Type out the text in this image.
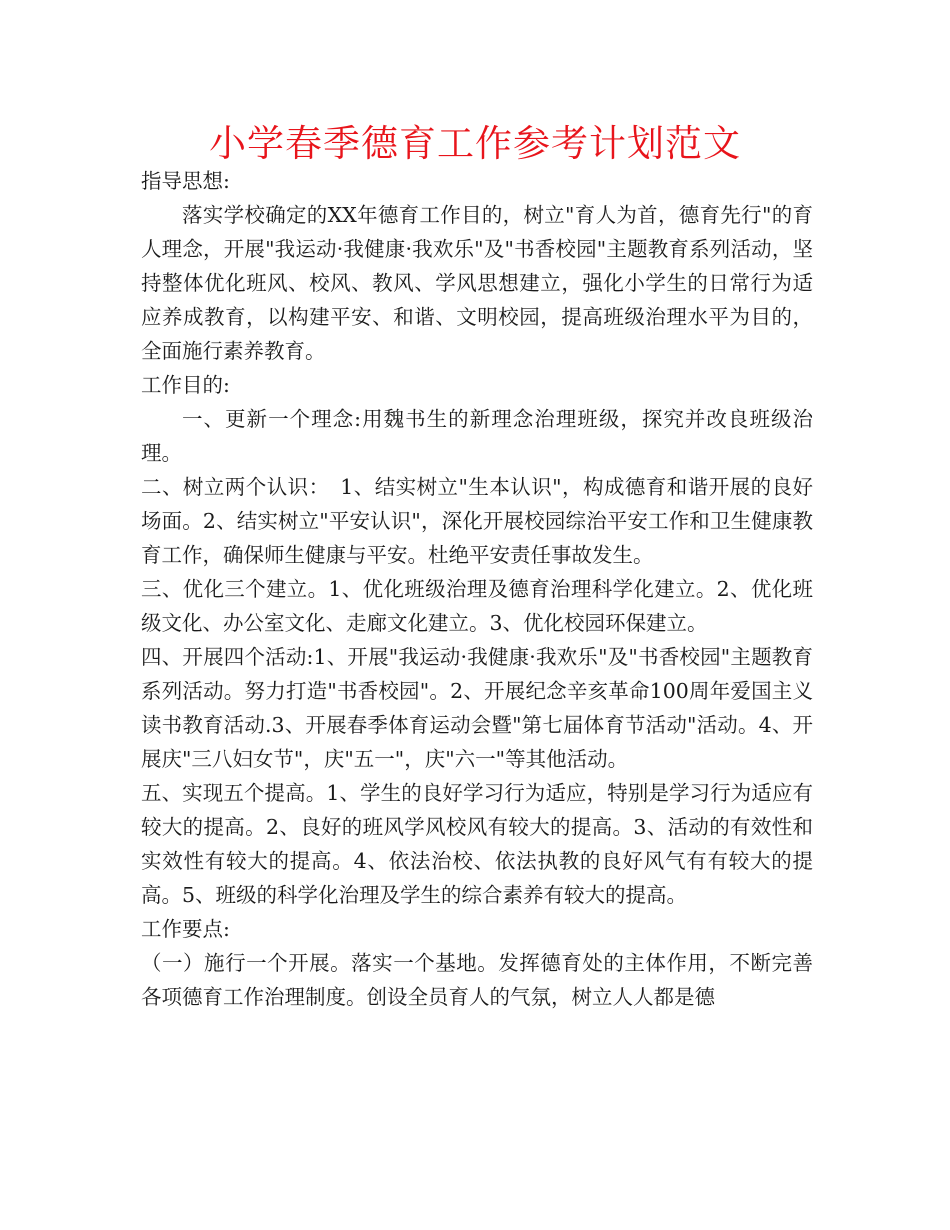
小学春季德育工作参考计划范文

指导思想:

落实学校确定的XX年德育工作目的，树立"育人为首，德育先行"的育人理念，开展"我运动·我健康·我欢乐"及"书香校园"主题教育系列活动，坚持整体优化班风、校风、教风、学风思想建立，强化小学生的日常行为适应养成教育，以构建平安、和谐、文明校园，提高班级治理水平为目的，全面施行素养教育。

工作目的:

一、更新一个理念:用魏书生的新理念治理班级，探究并改良班级治理。

二、树立两个认识：　1、结实树立"生本认识"，构成德育和谐开展的良好场面。2、结实树立"平安认识"，深化开展校园综治平安工作和卫生健康教育工作，确保师生健康与平安。杜绝平安责任事故发生。

三、优化三个建立。1、优化班级治理及德育治理科学化建立。2、优化班级文化、办公室文化、走廊文化建立。3、优化校园环保建立。

四、开展四个活动:1、开展"我运动·我健康·我欢乐"及"书香校园"主题教育系列活动。努力打造"书香校园"。2、开展纪念辛亥革命100周年爱国主义读书教育活动.3、开展春季体育运动会暨"第七届体育节活动"活动。4、开展庆"三八妇女节"，庆"五一"，庆"六一"等其他活动。

五、实现五个提高。1、学生的良好学习行为适应，特别是学习行为适应有较大的提高。2、良好的班风学风校风有较大的提高。3、活动的有效性和实效性有较大的提高。4、依法治校、依法执教的良好风气有有较大的提高。5、班级的科学化治理及学生的综合素养有较大的提高。

工作要点:

（一）施行一个开展。落实一个基地。发挥德育处的主体作用，不断完善各项德育工作治理制度。创设全员育人的气氛，树立人人都是德
